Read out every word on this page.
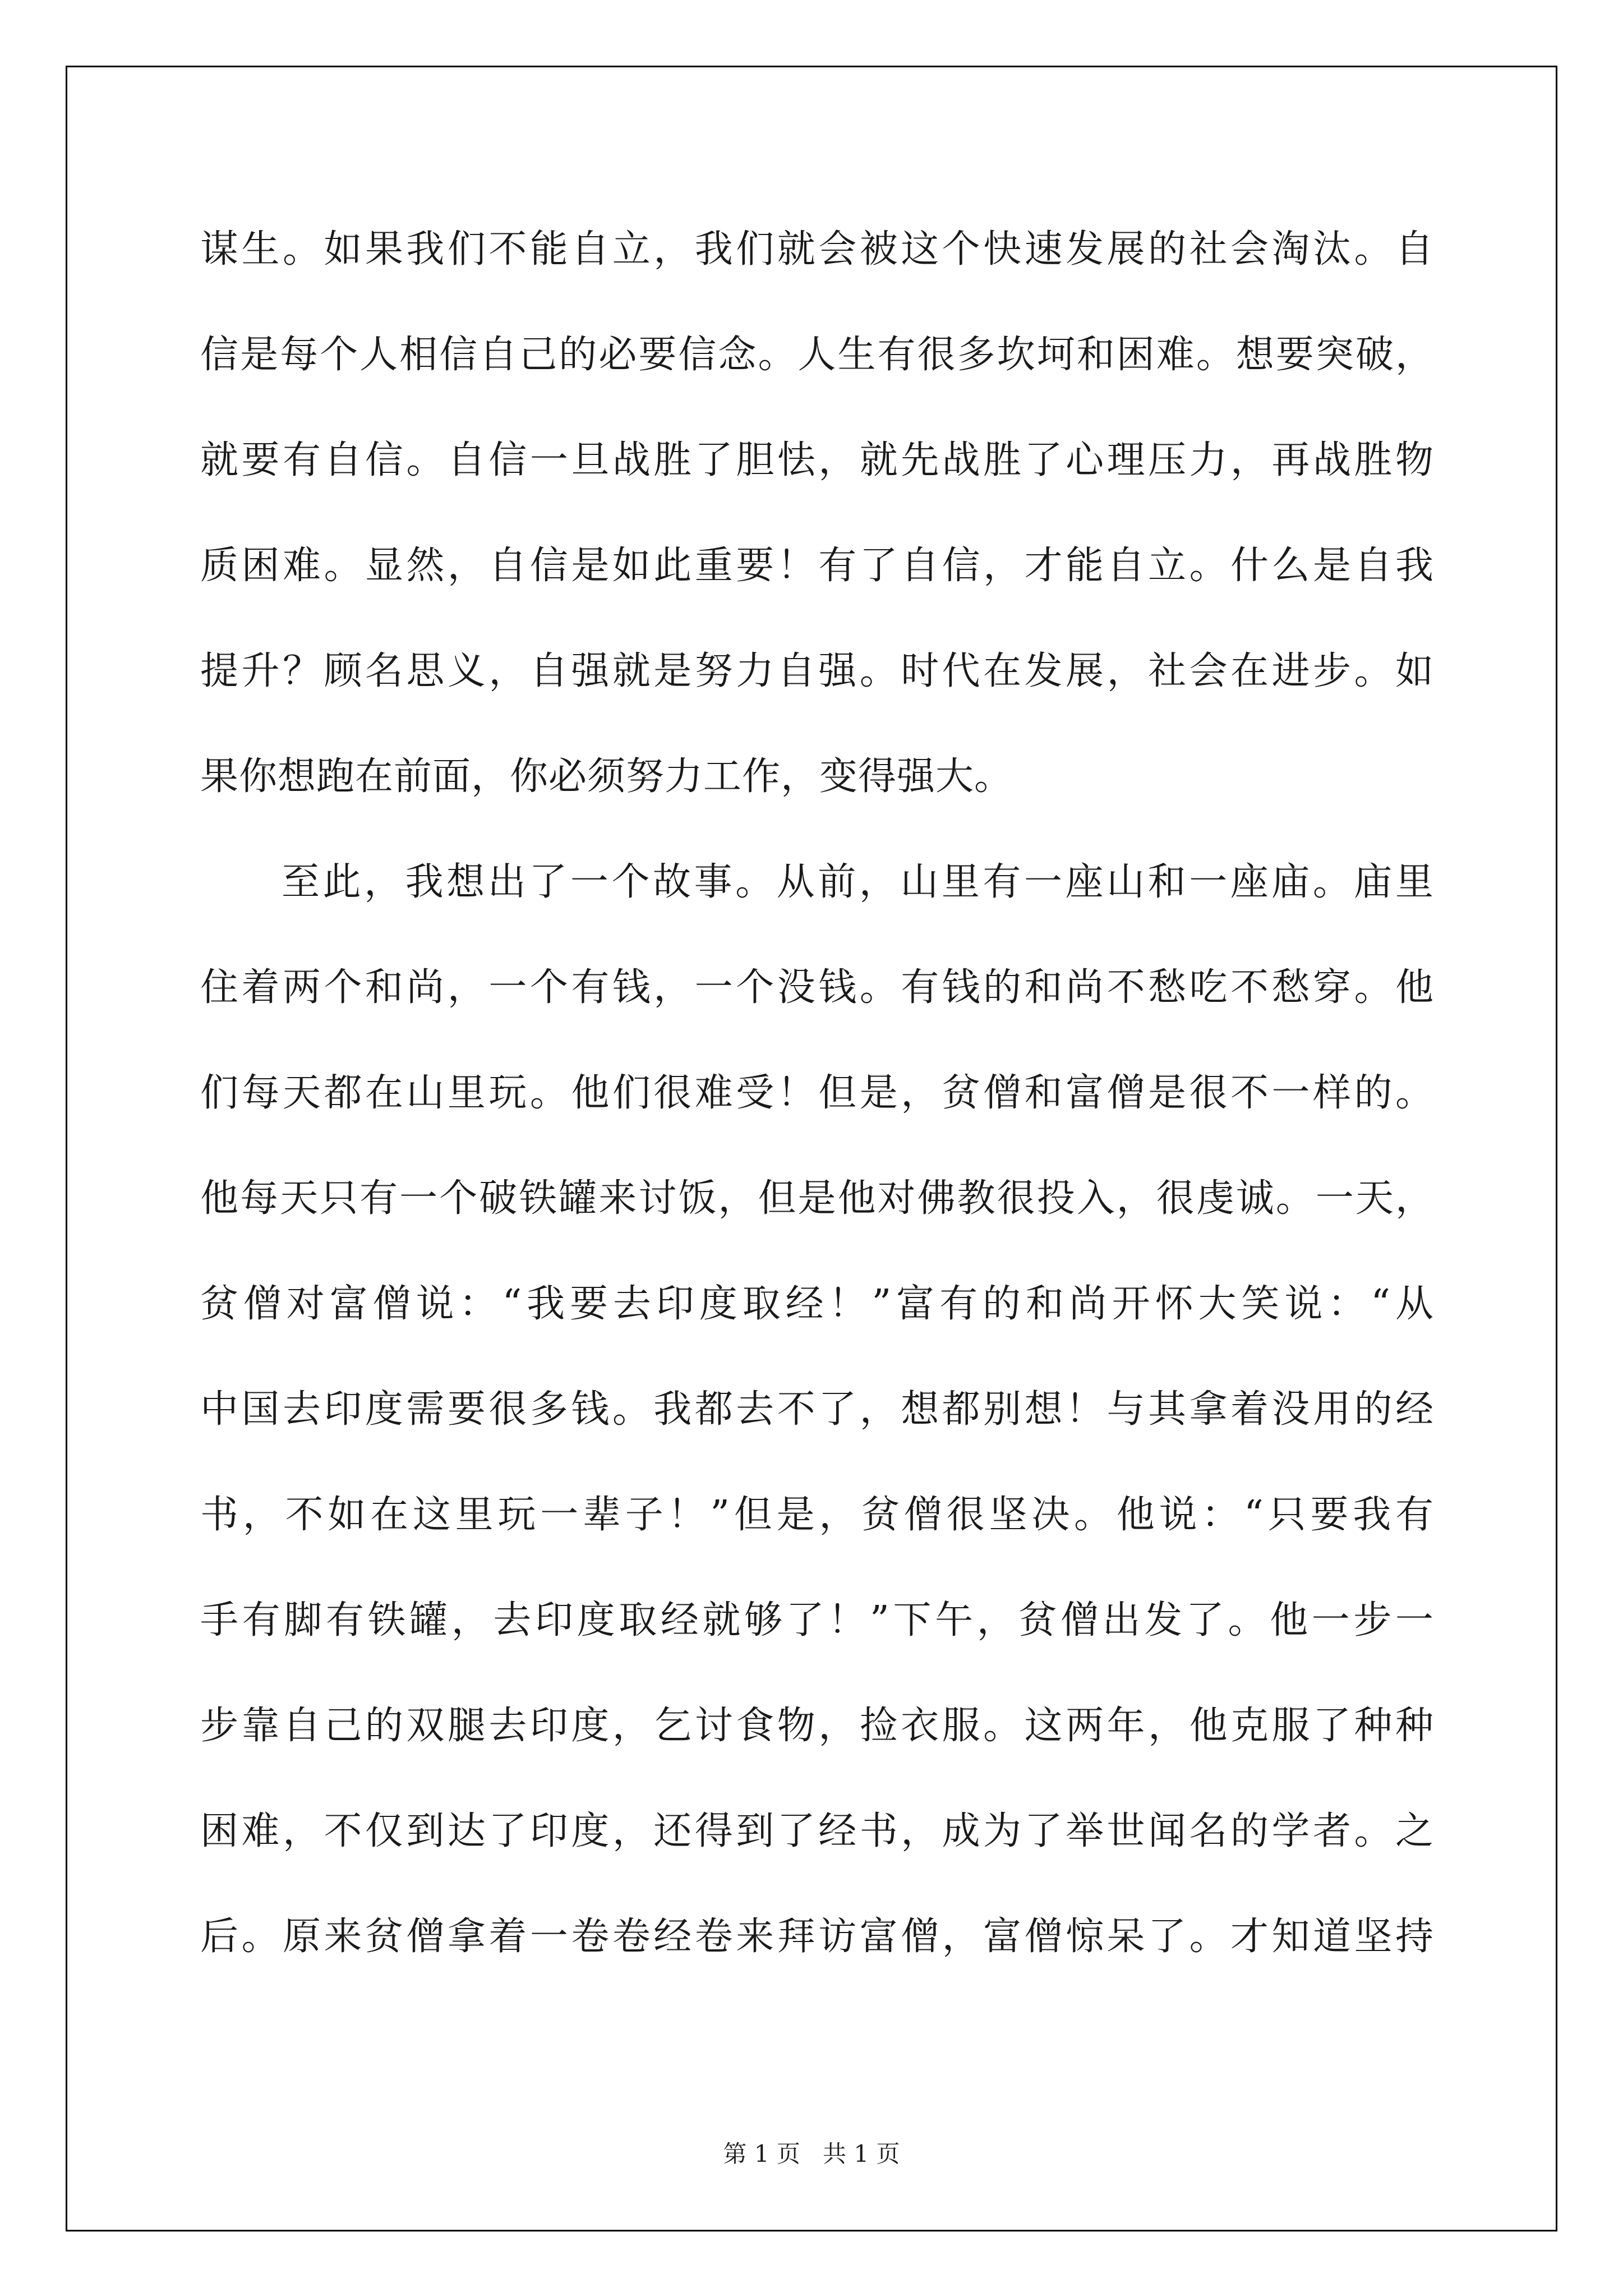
谋生。如果我们不能自立，我们就会被这个快速发展的社会淘汰。自
信是每个人相信自己的必要信念。人生有很多坎坷和困难。想要突破，
就要有自信。自信一旦战胜了胆怯，就先战胜了心理压力，再战胜物
质困难。显然，自信是如此重要！有了自信，才能自立。什么是自我
提升？顾名思义，自强就是努力自强。时代在发展，社会在进步。如
果你想跑在前面，你必须努力工作，变得强大。
至此，我想出了一个故事。从前，山里有一座山和一座庙。庙里
住着两个和尚，一个有钱，一个没钱。有钱的和尚不愁吃不愁穿。他
们每天都在山里玩。他们很难受！但是，贫僧和富僧是很不一样的。
他每天只有一个破铁罐来讨饭，但是他对佛教很投入，很虔诚。一天，
贫僧对富僧说：“我要去印度取经！”富有的和尚开怀大笑说：“从
中国去印度需要很多钱。我都去不了，想都别想！与其拿着没用的经
书，不如在这里玩一辈子！”但是，贫僧很坚决。他说：“只要我有
手有脚有铁罐，去印度取经就够了！”下午，贫僧出发了。他一步一
步靠自己的双腿去印度，乞讨食物，捡衣服。这两年，他克服了种种
困难，不仅到达了印度，还得到了经书，成为了举世闻名的学者。之
后。原来贫僧拿着一卷卷经卷来拜访富僧，富僧惊呆了。才知道坚持
第 1 页   共 1 页
